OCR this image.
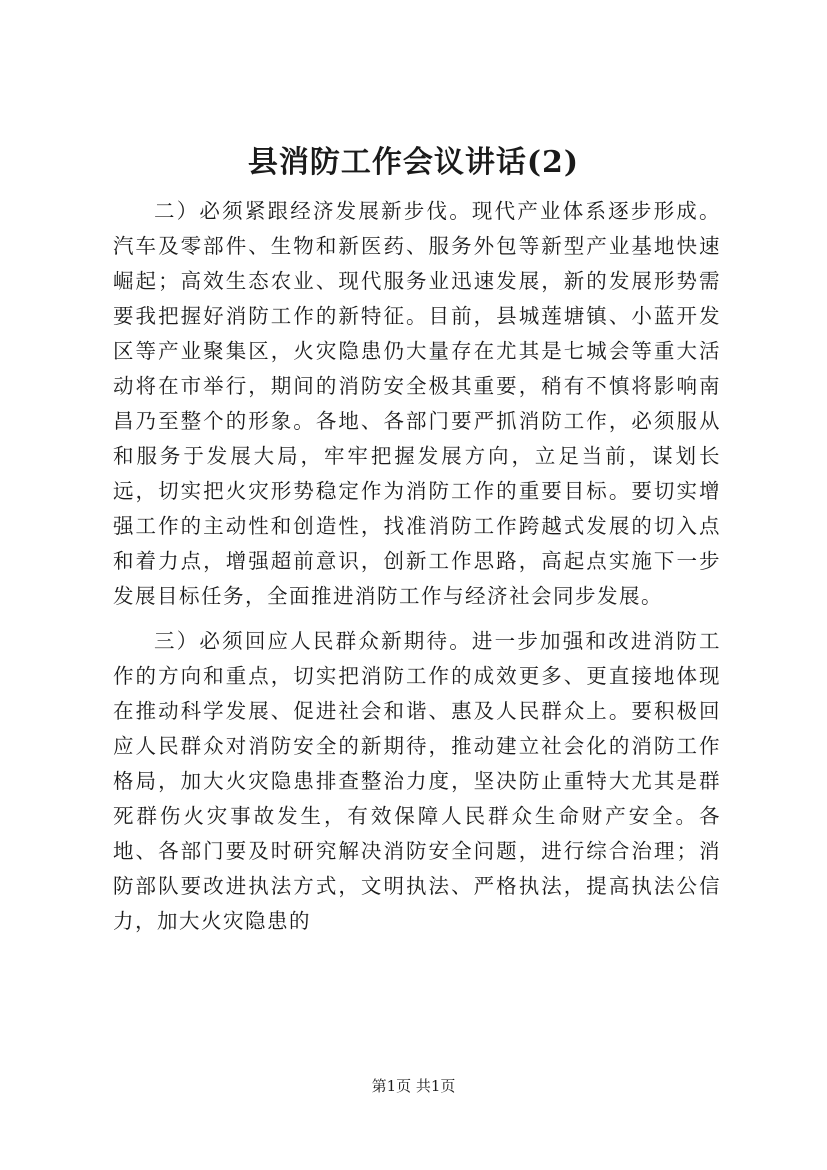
县消防工作会议讲话(2)

二）必须紧跟经济发展新步伐。现代产业体系逐步形成。汽车及零部件、生物和新医药、服务外包等新型产业基地快速崛起；高效生态农业、现代服务业迅速发展，新的发展形势需要我把握好消防工作的新特征。目前，县城莲塘镇、小蓝开发区等产业聚集区，火灾隐患仍大量存在尤其是七城会等重大活动将在市举行，期间的消防安全极其重要，稍有不慎将影响南昌乃至整个的形象。各地、各部门要严抓消防工作，必须服从和服务于发展大局，牢牢把握发展方向，立足当前，谋划长远，切实把火灾形势稳定作为消防工作的重要目标。要切实增强工作的主动性和创造性，找准消防工作跨越式发展的切入点和着力点，增强超前意识，创新工作思路，高起点实施下一步发展目标任务，全面推进消防工作与经济社会同步发展。

三）必须回应人民群众新期待。进一步加强和改进消防工作的方向和重点，切实把消防工作的成效更多、更直接地体现在推动科学发展、促进社会和谐、惠及人民群众上。要积极回应人民群众对消防安全的新期待，推动建立社会化的消防工作格局，加大火灾隐患排查整治力度，坚决防止重特大尤其是群死群伤火灾事故发生，有效保障人民群众生命财产安全。各地、各部门要及时研究解决消防安全问题，进行综合治理；消防部队要改进执法方式，文明执法、严格执法，提高执法公信力，加大火灾隐患的

第1页 共1页
